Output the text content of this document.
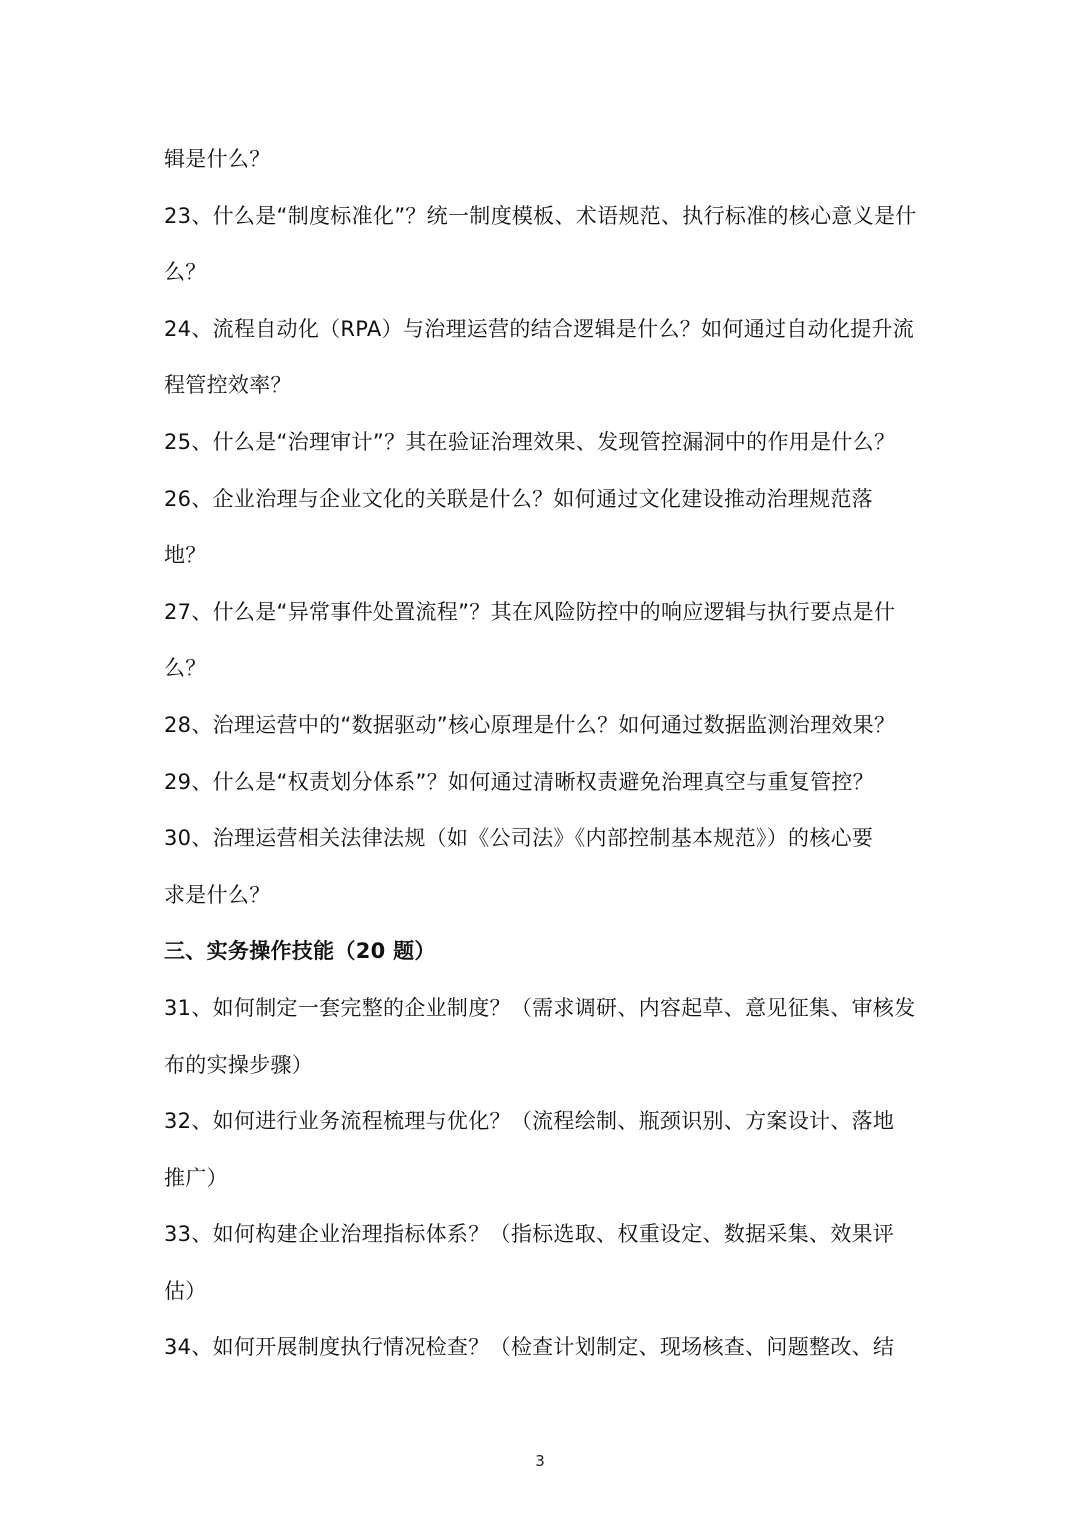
辑是什么？
23、什么是“制度标准化”？统一制度模板、术语规范、执行标准的核心意义是什
么？
24、流程自动化（RPA）与治理运营的结合逻辑是什么？如何通过自动化提升流
程管控效率？
25、什么是“治理审计”？其在验证治理效果、发现管控漏洞中的作用是什么？
26、企业治理与企业文化的关联是什么？如何通过文化建设推动治理规范落
地？
27、什么是“异常事件处置流程”？其在风险防控中的响应逻辑与执行要点是什
么？
28、治理运营中的“数据驱动”核心原理是什么？如何通过数据监测治理效果？
29、什么是“权责划分体系”？如何通过清晰权责避免治理真空与重复管控？
30、治理运营相关法律法规（如《公司法》《内部控制基本规范》）的核心要
求是什么？
三、实务操作技能（20 题）
31、如何制定一套完整的企业制度？（需求调研、内容起草、意见征集、审核发
布的实操步骤）
32、如何进行业务流程梳理与优化？（流程绘制、瓶颈识别、方案设计、落地
推广）
33、如何构建企业治理指标体系？（指标选取、权重设定、数据采集、效果评
估）
34、如何开展制度执行情况检查？（检查计划制定、现场核查、问题整改、结
3
